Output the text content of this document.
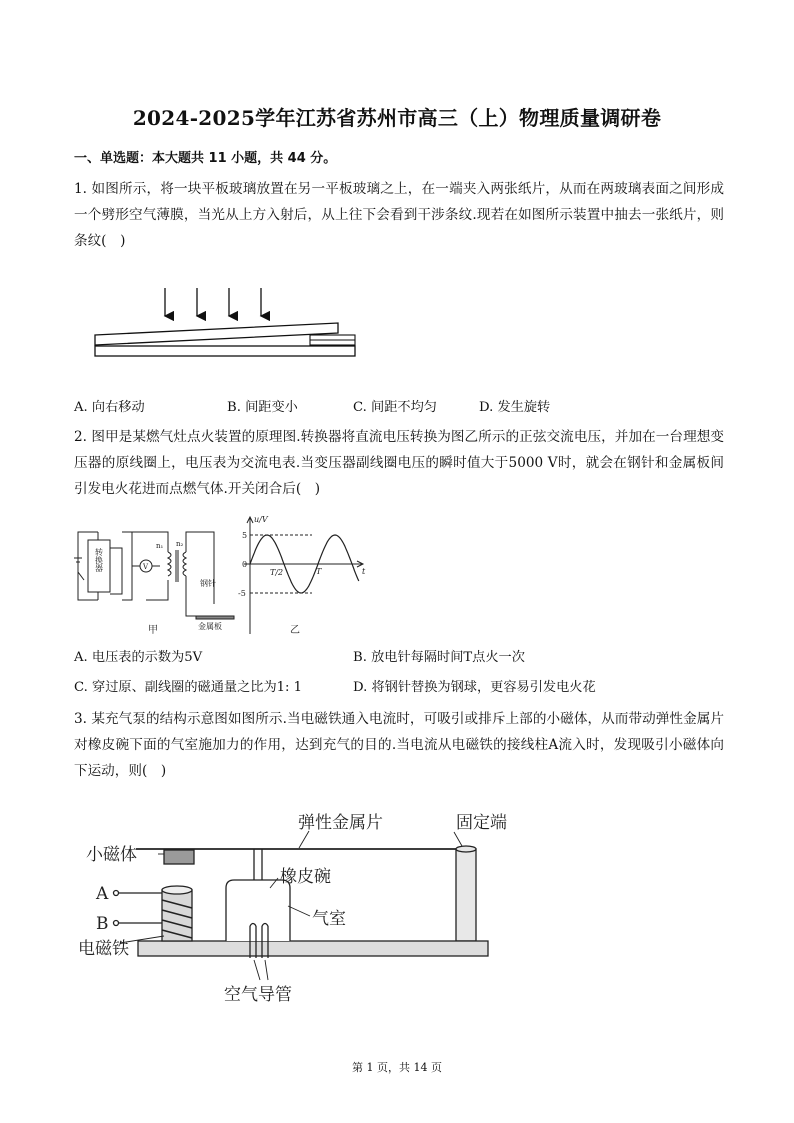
2024-2025学年江苏省苏州市高三（上）物理质量调研卷
一、单选题：本大题共 11 小题，共 44 分。
1. 如图所示，将一块平板玻璃放置在另一平板玻璃之上，在一端夹入两张纸片，从而在两玻璃表面之间形成一个劈形空气薄膜，当光从上方入射后，从上往下会看到干涉条纹.现若在如图所示装置中抽去一张纸片，则条纹(　)
A. 向右移动	B. 间距变小	C. 间距不均匀	D. 发生旋转
2. 图甲是某燃气灶点火装置的原理图.转换器将直流电压转换为图乙所示的正弦交流电压，并加在一台理想变压器的原线圈上，电压表为交流电表.当变压器副线圈电压的瞬时值大于5000 V时，就会在钢针和金属板间引发电火花进而点燃气体.开关闭合后(　)
转换器	V
n₁ n₂
钢针
金属板
甲
u/V
t
5
0
-5
T/2	T
乙
A. 电压表的示数为5V	B. 放电针每隔时间T点火一次
C. 穿过原、副线圈的磁通量之比为1: 1	D. 将钢针替换为钢球，更容易引发电火花
3. 某充气泵的结构示意图如图所示.当电磁铁通入电流时，可吸引或排斥上部的小磁体，从而带动弹性金属片对橡皮碗下面的气室施加力的作用，达到充气的目的.当电流从电磁铁的接线柱A流入时，发现吸引小磁体向下运动，则(　)
弹性金属片	固定端
小磁体
橡皮碗
A
B	气室
电磁铁
空气导管
第 1 页，共 14 页
